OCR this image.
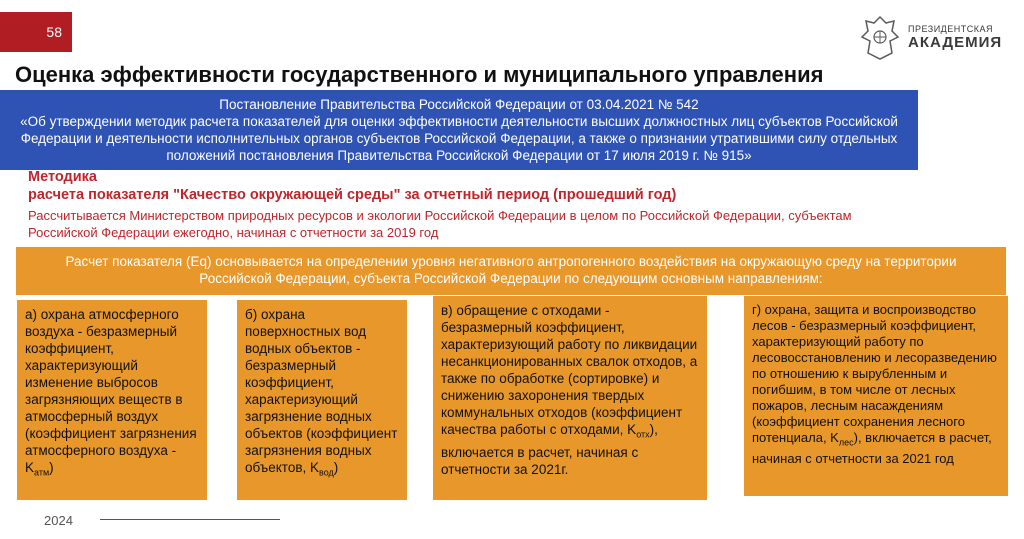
58	ПРЕЗИДЕНТСКАЯ
АКАДЕМИЯ
Оценка эффективности государственного и муниципального управления
Постановление Правительства Российской Федерации от 03.04.2021 № 542
«Об утверждении методик расчета показателей для оценки эффективности деятельности высших должностных лиц субъектов Российской Федерации и деятельности исполнительных органов субъектов Российской Федерации, а также о признании утратившими силу отдельных положений постановления Правительства Российской Федерации от 17 июля 2019 г. № 915»
Методика
расчета показателя "Качество окружающей среды" за отчетный период (прошедший год)
Рассчитывается Министерством природных ресурсов и экологии Российской Федерации в целом по Российской Федерации, субъектам Российской Федерации ежегодно, начиная с отчетности за 2019 год
Расчет показателя (Eq) основывается на определении уровня негативного антропогенного воздействия на окружающую среду на территории Российской Федерации, субъекта Российской Федерации по следующим основным направлениям:
а) охрана атмосферного воздуха - безразмерный коэффициент, характеризующий изменение выбросов загрязняющих веществ в атмосферный воздух (коэффициент загрязнения атмосферного воздуха - $K_{атм}$)
б) охрана поверхностных вод водных объектов - безразмерный коэффициент, характеризующий загрязнение водных объектов (коэффициент загрязнения водных объектов, $K_{вод}$)
в) обращение с отходами - безразмерный коэффициент, характеризующий работу по ликвидации несанкционированных свалок отходов, а также по обработке (сортировке) и снижению захоронения твердых коммунальных отходов (коэффициент качества работы с отходами, $K_{отх}$), включается в расчет, начиная с отчетности за 2021г.
г) охрана, защита и воспроизводство лесов - безразмерный коэффициент, характеризующий работу по лесовосстановлению и лесоразведению по отношению к вырубленным и погибшим, в том числе от лесных пожаров, лесным насаждениям (коэффициент сохранения лесного потенциала, $K_{лес}$), включается в расчет, начиная с отчетности за 2021 год
2024
